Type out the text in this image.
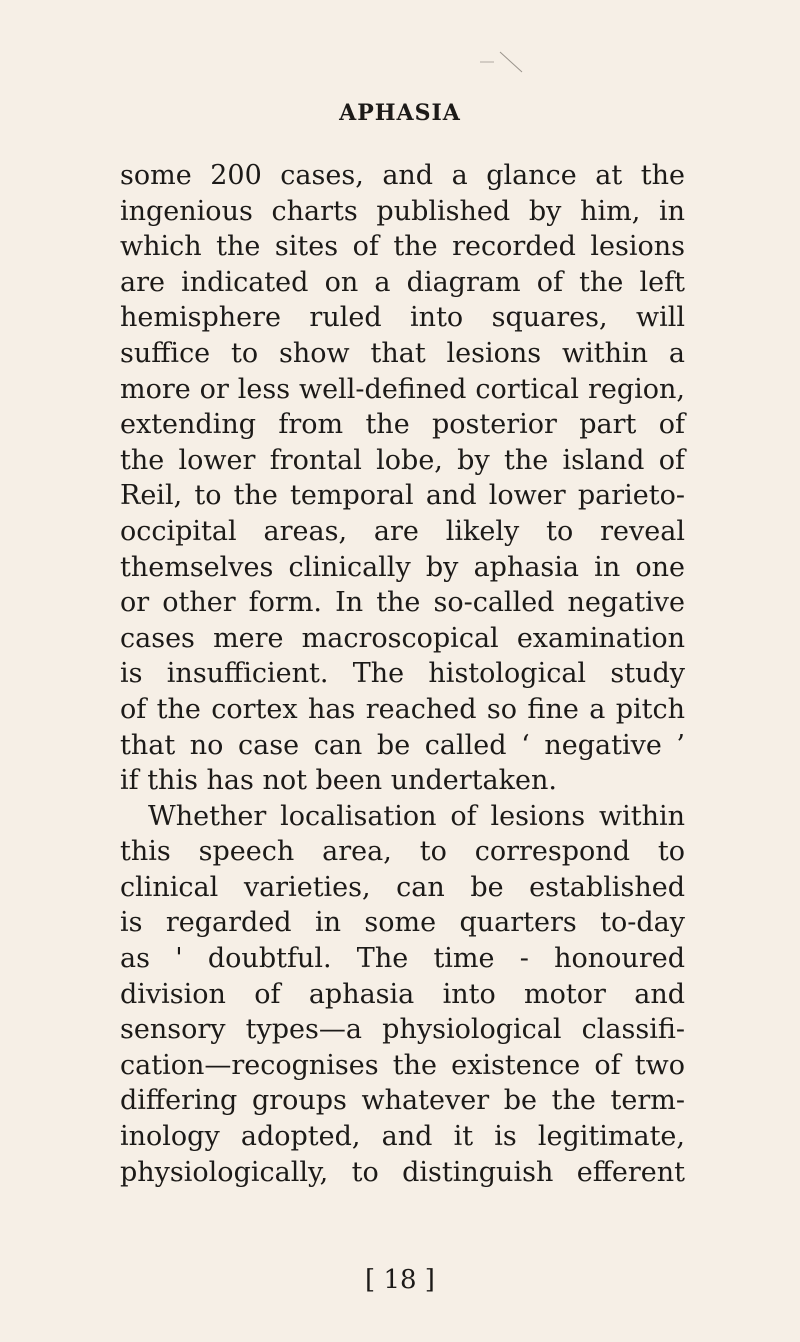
APHASIA
some 200 cases, and a glance at the
ingenious charts published by him, in
which the sites of the recorded lesions
are indicated on a diagram of the left
hemisphere ruled into squares, will
suffice to show that lesions within a
more or less well-defined cortical region,
extending from the posterior part of
the lower frontal lobe, by the island of
Reil, to the temporal and lower parieto-
occipital areas, are likely to reveal
themselves clinically by aphasia in one
or other form. In the so-called negative
cases mere macroscopical examination
is insufficient. The histological study
of the cortex has reached so fine a pitch
that no case can be called ‘ negative ’
if this has not been undertaken.
Whether localisation of lesions within
this speech area, to correspond to
clinical varieties, can be established
is regarded in some quarters to-day
as ' doubtful. The time - honoured
division of aphasia into motor and
sensory types—a physiological classifi-
cation—recognises the existence of two
differing groups whatever be the term-
inology adopted, and it is legitimate,
physiologically, to distinguish efferent
[ 18 ]
